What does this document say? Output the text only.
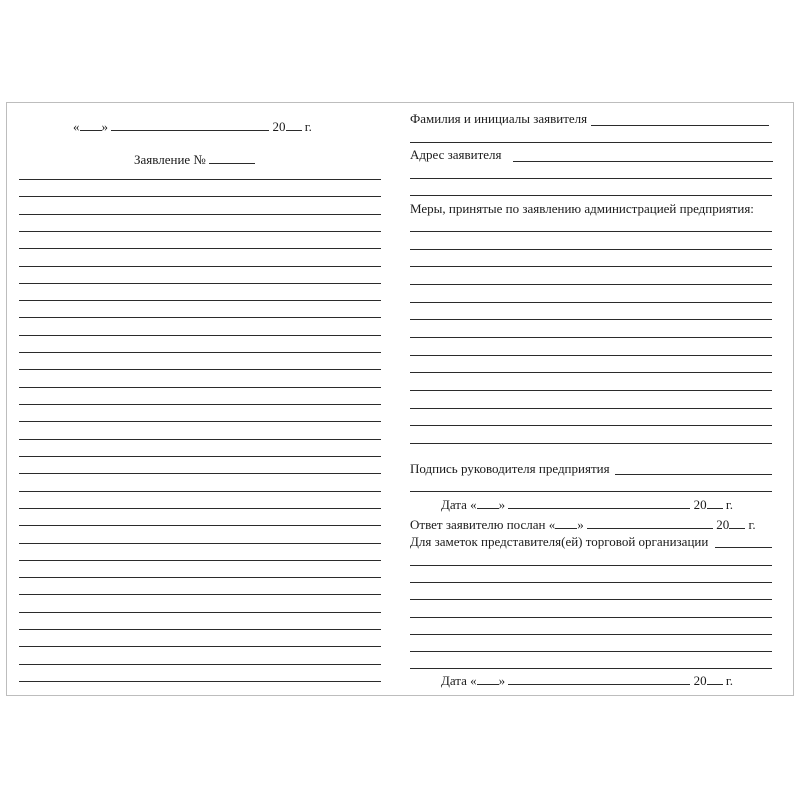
« »	20 г.
Заявление №
Фамилия и инициалы заявителя
Адрес заявителя
Меры, принятые по заявлению администрацией предприятия:
Подпись руководителя предприятия
Дата « »	20 г.
Ответ заявителю послан « »	20 г.
Для заметок представителя(ей) торговой организации
Дата « »	20 г.
